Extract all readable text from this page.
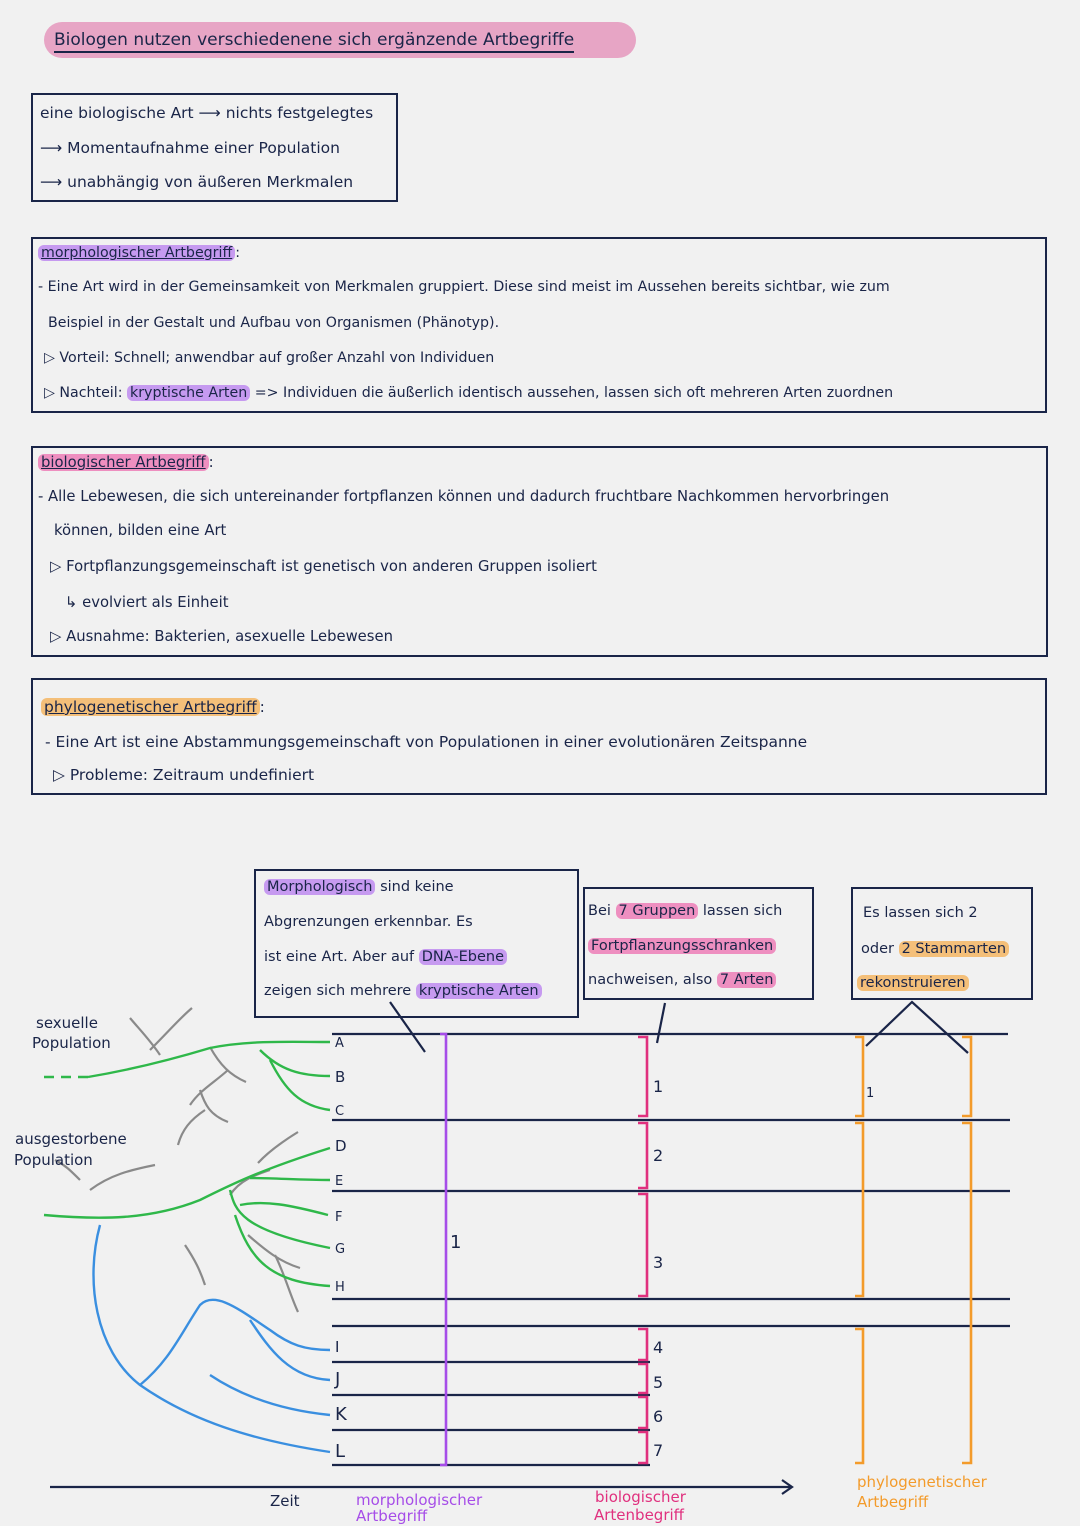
Biologen nutzen verschiedenene sich ergänzende Artbegriffe
eine biologische Art ⟶ nichts festgelegtes
⟶ Momentaufnahme einer Population
⟶ unabhängig von äußeren Merkmalen
morphologischer Artbegriff :
- Eine Art wird in der Gemeinsamkeit von Merkmalen gruppiert. Diese sind meist im Aussehen bereits sichtbar, wie zum
Beispiel in der Gestalt und Aufbau von Organismen (Phänotyp).
▷ Vorteil: Schnell; anwendbar auf großer Anzahl von Individuen
▷ Nachteil: kryptische Arten => Individuen die äußerlich identisch aussehen, lassen sich oft mehreren Arten zuordnen
biologischer Artbegriff :
- Alle Lebewesen, die sich untereinander fortpflanzen können und dadurch fruchtbare Nachkommen hervorbringen
können, bilden eine Art
▷ Fortpflanzungsgemeinschaft ist genetisch von anderen Gruppen isoliert
↳ evolviert als Einheit
▷ Ausnahme: Bakterien, asexuelle Lebewesen
phylogenetischer Artbegriff :
- Eine Art ist eine Abstammungsgemeinschaft von Populationen in einer evolutionären Zeitspanne
▷ Probleme: Zeitraum undefiniert
Morphologisch sind keine
Abgrenzungen erkennbar. Es
ist eine Art. Aber auf DNA-Ebene
zeigen sich mehrere kryptische Arten
Bei 7 Gruppen lassen sich
Fortpflanzungsschranken
nachweisen, also 7 Arten
Es lassen sich 2
oder 2 Stammarten
rekonstruieren
A
B
C
D
E
F
G
H
I
J
K
L
sexuelle
Population
ausgestorbene
Population
1
1
2
3
4
5
6
7
1
Zeit	morphologischer
Artbegriff
biologischer
Artenbegriff
phylogenetischer
Artbegriff
